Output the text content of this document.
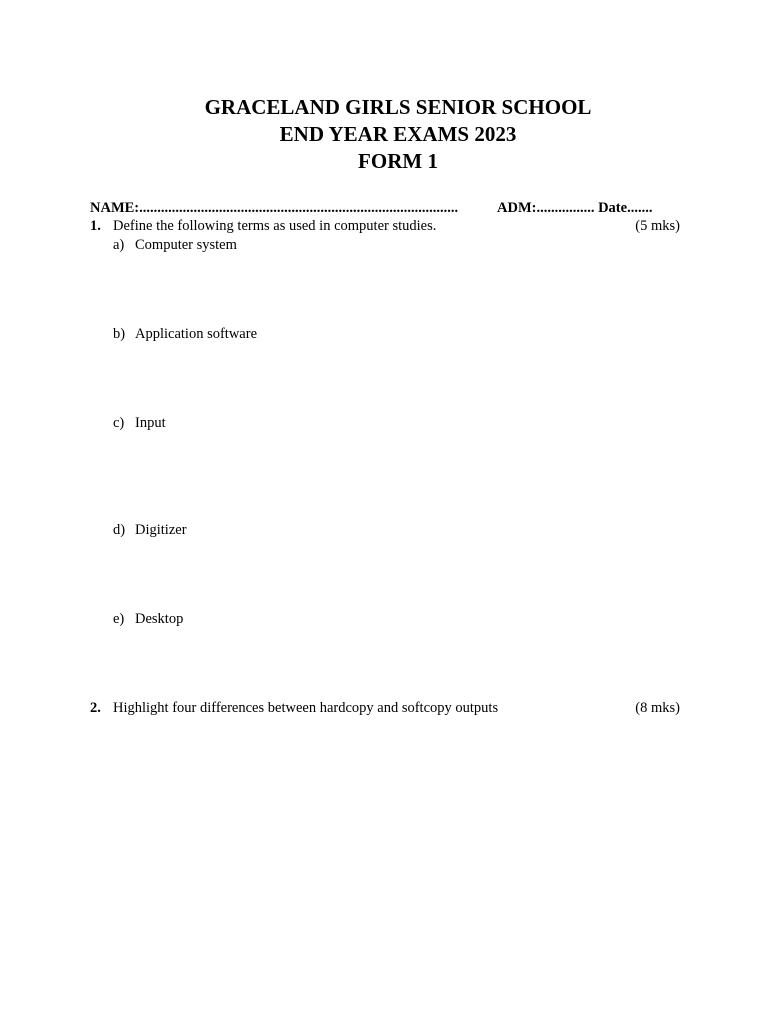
GRACELAND GIRLS SENIOR SCHOOL
END YEAR EXAMS 2023
FORM 1
NAME:........................................................................................	ADM:................ Date.......
1. Define the following terms as used in computer studies.	(5 mks)
a) Computer system
b) Application software
c) Input
d) Digitizer
e) Desktop
2. Highlight four differences between hardcopy and softcopy outputs	(8 mks)
